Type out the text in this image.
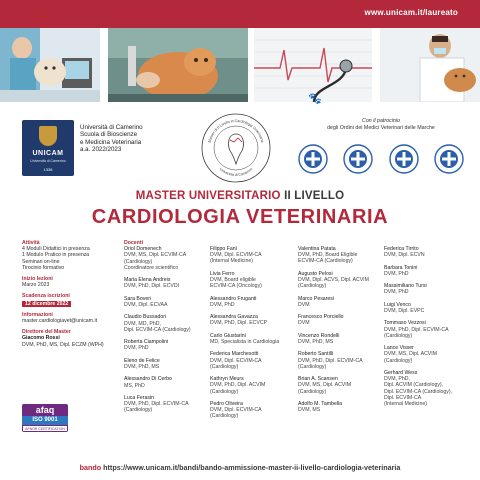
www.unicam.it/laureato
🐾
UNICAM
Università di Camerino
1336
Università di Camerino
Scuola di Bioscienze
e Medicina Veterinaria
a.a. 2022/2023
Master di II Livello in Cardiologia Veterinaria
Università di Camerino
Con il patrocinio
degli Ordini dei Medici Veterinari delle Marche
MASTER UNIVERSITARIO II LIVELLO
CARDIOLOGIA VETERINARIA
Attività
4 Moduli Didattici in presenza
1 Modulo Pratico in presenza
Seminari on-line
Tirocinio formativo
Inizio lezioni
Marzo 2023
Scadenza iscrizioni
12 dicembre 2022
Informazioni
master.cardiologiavet@unicam.it
Direttore del Master
Giacomo Rossi
DVM, PhD, MS, Dipl. ECZM (WPH)
afaq
ISO 9001
AFNOR CERTIFICATION
Docenti
Oriol Domenech
DVM, MS, Dipl. ECVIM-CA
(Cardiology)
Coordinatore scientifico
Maria Elena Andreis
DVM, PhD, Dipl. ECVDI
Sara Boveri
DVM, Dipl. ECVAA
Claudio Bussadori
DVM, MD, PhD,
Dipl. ECVIM-CA (Cardiology)
Roberta Ciampolini
DVM, PhD
Eleno de Felice
DVM, PhD, MS
Alessandro Di Cerbo
MS, PhD
Luca Ferasin
DVM, PhD, Dipl. ECVIM-CA
(Cardiology)
Filippo Fanì
DVM, Dipl. ECVIM-CA
(Internal Medicine)
Livia Ferro
DVM, Board eligible
ECVIM-CA (Oncology)
Alessandro Fruganti
DVM, PhD
Alessandra Gavazza
DVM, PhD, Dipl. ECVCP
Carlo Giustarini
MD, Specialista in Cardiologia
Federica Marchesotti
DVM, Dipl. ECVIM-CA
(Cardiology)
Kathryn Meurs
DVM, PhD, Dipl. ACVIM
(Cardiology)
Pedro Oliveira
DVM, Dipl. ECVIM-CA
(Cardiology)
Valentina Patata
DVM, PhD, Board Eligible
ECVIM-CA (Cardiology)
Augusto Pelosi
DVM, Dipl. ACVS, Dipl. ACVIM
(Cardiology)
Marco Pesaresi
DVM
Francesco Porciello
DVM
Vincenzo Rondelli
DVM, PhD, MS
Roberto Santilli
DVM, PhD, Dipl. ECVIM-CA
(Cardiology)
Brian A. Scansen
DVM, MS, Dipl. ACVIM
(Cardiology)
Adolfo M. Tambella
DVM, MS
Federica Tirrito
DVM, Dipl. ECVN
Barbara Tonini
DVM, PhD
Massimiliano Tursi
DVM, PhD
Luigi Venco
DVM, Dipl. EVPC
Tommaso Vezzosi
DVM, PhD, Dipl. ECVIM-CA
(Cardiology)
Lance Visser
DVM, MS, Dipl. ACVIM
(Cardiology)
Gerhard Wess
DVM, PhD,
Dipl. ACVIM (Cardiology),
Dipl. ECVIM-CA (Cardiology),
Dipl. ECVIM-CA
(Internal Medicine)
bando https://www.unicam.it/bandi/bando-ammissione-master-ii-livello-cardiologia-veterinaria
